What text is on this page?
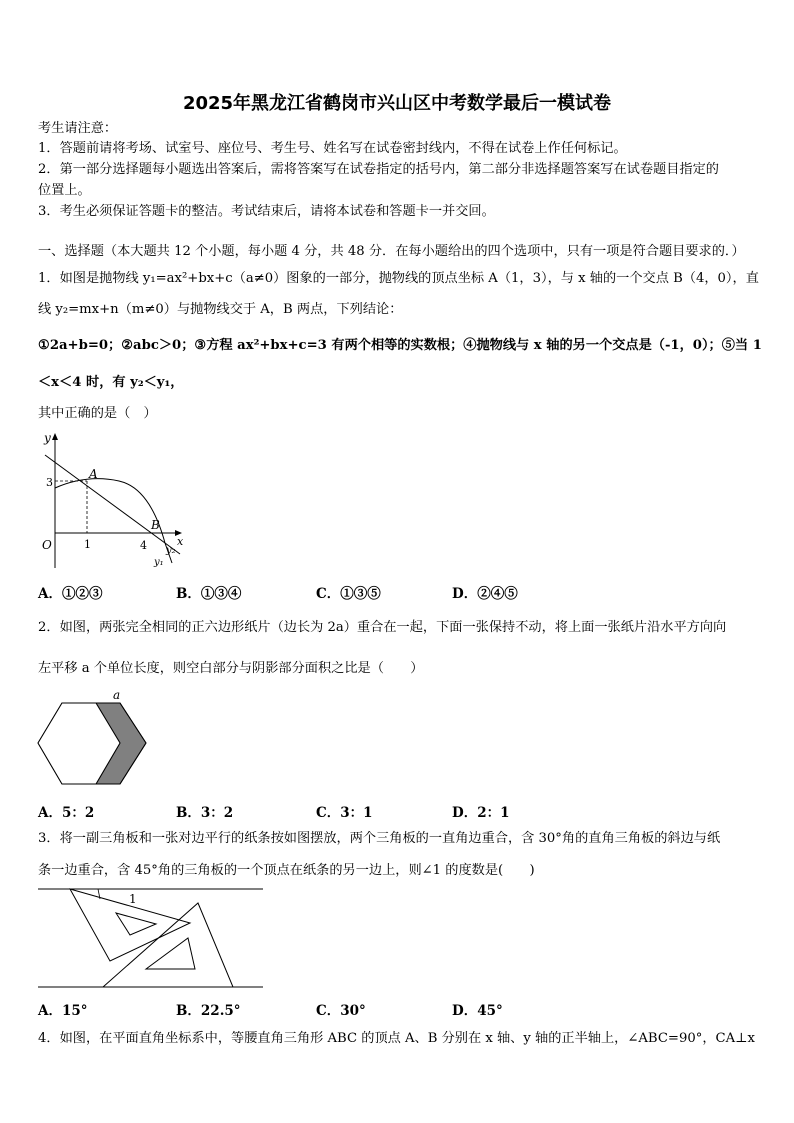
2025年黑龙江省鹤岗市兴山区中考数学最后一模试卷
考生请注意：
1．答题前请将考场、试室号、座位号、考生号、姓名写在试卷密封线内，不得在试卷上作任何标记。
2．第一部分选择题每小题选出答案后，需将答案写在试卷指定的括号内，第二部分非选择题答案写在试卷题目指定的
位置上。
3．考生必须保证答题卡的整洁。考试结束后，请将本试卷和答题卡一并交回。
一、选择题（本大题共 12 个小题，每小题 4 分，共 48 分．在每小题给出的四个选项中，只有一项是符合题目要求的．）
1．如图是抛物线 y₁=ax²+bx+c（a≠0）图象的一部分，抛物线的顶点坐标 A（1，3），与 x 轴的一个交点 B（4，0），直
线 y₂=mx+n（m≠0）与抛物线交于 A，B 两点，下列结论：
①2a+b=0；②abc＞0；③方程 ax²+bx+c=3 有两个相等的实数根；④抛物线与 x 轴的另一个交点是（-1，0）；⑤当 1
＜x＜4 时，有 y₂＜y₁，
其中正确的是（　）
y
x
A
B
O
3
1	4 y₂
y₁
A．①②③	B．①③④	C．①③⑤	D．②④⑤
2．如图，两张完全相同的正六边形纸片（边长为 2a）重合在一起，下面一张保持不动，将上面一张纸片沿水平方向向
左平移 a 个单位长度，则空白部分与阴影部分面积之比是（　　）
a
A．5：2	B．3：2	C．3：1	D．2：1
3．将一副三角板和一张对边平行的纸条按如图摆放，两个三角板的一直角边重合，含 30°角的直角三角板的斜边与纸
条一边重合，含 45°角的三角板的一个顶点在纸条的另一边上，则∠1 的度数是(　　)
1
A．15°	B．22.5°	C．30°	D．45°
4．如图，在平面直角坐标系中，等腰直角三角形 ABC 的顶点 A、B 分别在 x 轴、y 轴的正半轴上，∠ABC=90°，CA⊥x
